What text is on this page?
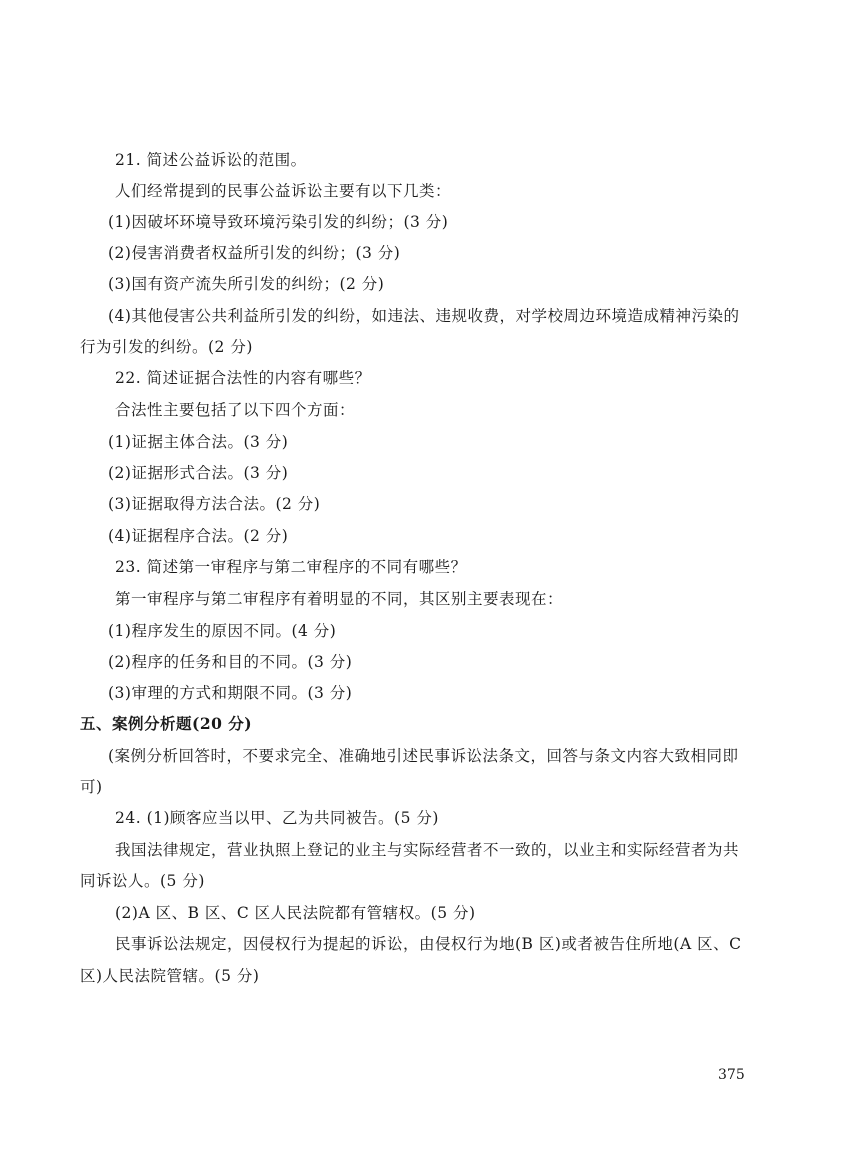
21. 简述公益诉讼的范围。
人们经常提到的民事公益诉讼主要有以下几类：
(1)因破坏环境导致环境污染引发的纠纷；(3 分)
(2)侵害消费者权益所引发的纠纷；(3 分)
(3)国有资产流失所引发的纠纷；(2 分)
(4)其他侵害公共利益所引发的纠纷，如违法、违规收费，对学校周边环境造成精神污染的
行为引发的纠纷。(2 分)
22. 简述证据合法性的内容有哪些？
合法性主要包括了以下四个方面：
(1)证据主体合法。(3 分)
(2)证据形式合法。(3 分)
(3)证据取得方法合法。(2 分)
(4)证据程序合法。(2 分)
23. 简述第一审程序与第二审程序的不同有哪些？
第一审程序与第二审程序有着明显的不同，其区别主要表现在：
(1)程序发生的原因不同。(4 分)
(2)程序的任务和目的不同。(3 分)
(3)审理的方式和期限不同。(3 分)
五、案例分析题(20 分)
(案例分析回答时，不要求完全、准确地引述民事诉讼法条文，回答与条文内容大致相同即
可)
24. (1)顾客应当以甲、乙为共同被告。(5 分)
我国法律规定，营业执照上登记的业主与实际经营者不一致的，以业主和实际经营者为共
同诉讼人。(5 分)
(2)A 区、B 区、C 区人民法院都有管辖权。(5 分)
民事诉讼法规定，因侵权行为提起的诉讼，由侵权行为地(B 区)或者被告住所地(A 区、C
区)人民法院管辖。(5 分)
375
